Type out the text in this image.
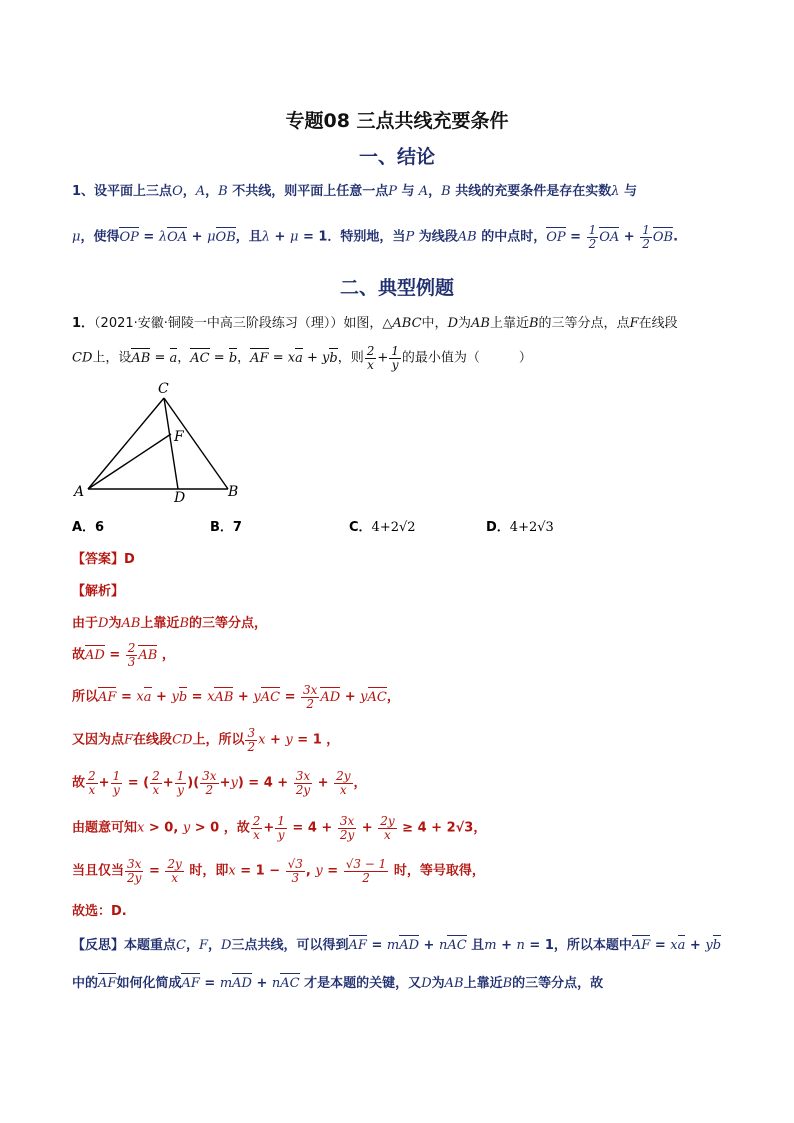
专题08 三点共线充要条件
一、结论
1、设平面上三点O，A，B 不共线，则平面上任意一点P 与 A，B 共线的充要条件是存在实数λ 与
μ，使得OP = λOA + μOB，且λ + μ = 1．特别地，当P 为线段AB 的中点时，OP = $\frac{1}{2}$ OA + $\frac{1}{2}$ OB.
二、典型例题
1．（2021·安徽·铜陵一中高三阶段练习（理））如图，△ABC中，D为AB上靠近B的三等分点，点F在线段
CD上，设AB = a，AC = b，AF = xa + yb，则 $\frac{2}{x} + \frac{1}{y}$ 的最小值为（　　　）
C
F
A	D	B
A．6	B．7	C．4+2√2	D．4+2√3
【答案】D
【解析】
由于D为AB上靠近B的三等分点，
故AD = $\frac{2}{3}$ AB ，
所以AF = xa + yb = xAB + yAC = $\frac{3x}{2}$ AD + yAC，
又因为点F在线段CD上，所以 $\frac{3}{2}$ x + y = 1 ，
故 $\frac{2}{x} + \frac{1}{y}$ = ( $\frac{2}{x} + \frac{1}{y}$ )( $\frac{3x}{2} +y) = 4 + \frac{3x}{2y} + \frac{2y}{x}$ ，
由题意可知x > 0, y > 0 ，故 $\frac{2}{x} + \frac{1}{y} = 4 + \frac{3x}{2y} + \frac{2y}{x} \ge 4 + 2√3$，
当且仅当 $\frac{3x}{2y} = \frac{2y}{x}$ 时，即$x = 1 - \frac{√3}{3}$ , $y = \frac{√3 - 1}{2}$ 时，等号取得，
故选：D.
【反思】本题重点C，F，D三点共线，可以得到AF = mAD + nAC 且m + n = 1，所以本题中AF = xa + yb
中的AF如何化简成AF = mAD + nAC 才是本题的关键，又D为AB上靠近B的三等分点，故
